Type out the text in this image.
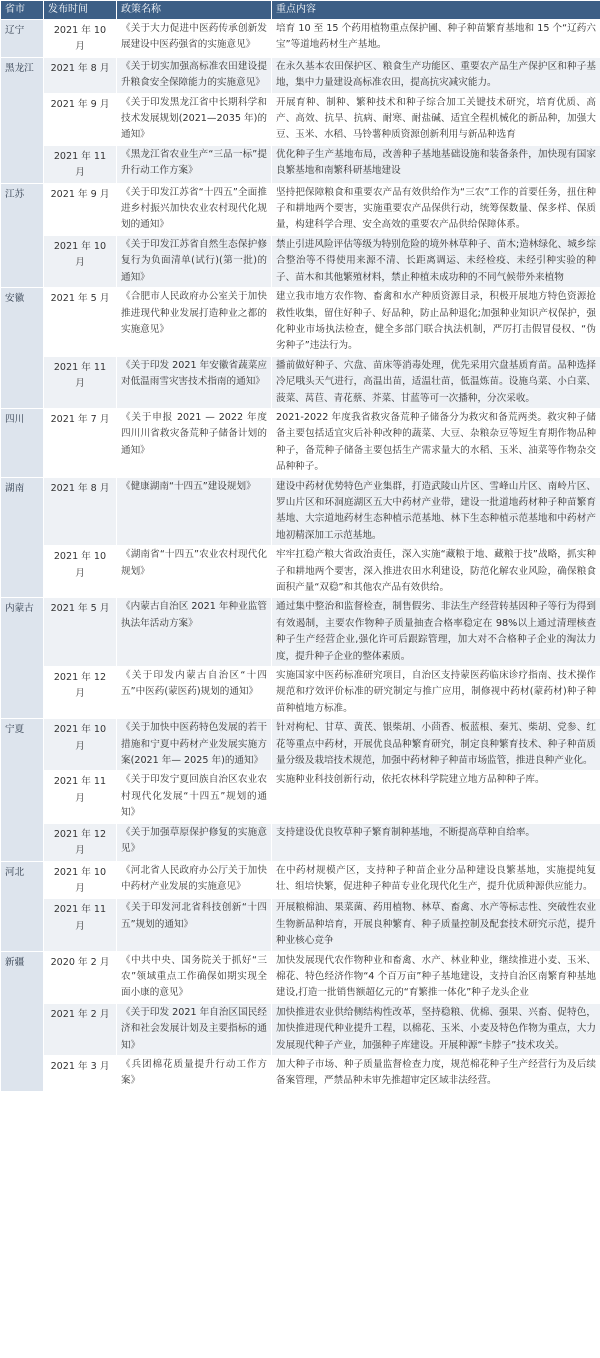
省市	发布时间	政策名称	重点内容
辽宁	2021 年 10 月	《关于大力促进中医药传承创新发展建设中医药强省的实施意见》	培育 10 至 15 个药用植物重点保护圃、种子种苗繁育基地和 15 个“辽药六宝”等道地药材生产基地。
黑龙江	2021 年 8 月	《关于切实加强高标准农田建设提升粮食安全保障能力的实施意见》	在永久基本农田保护区、粮食生产功能区、重要农产品生产保护区和种子基地，集中力量建设高标准农田，提高抗灾减灾能力。
	2021 年 9 月	《关于印发黑龙江省中长期科学和技术发展规划(2021—2035 年)的通知》	开展育种、制种、繁种技术和种子综合加工关键技术研究，培育优质、高产、高效、抗旱、抗病、耐寒、耐盐碱、适宜全程机械化的新品种，加强大豆、玉米、水稻、马铃薯种质资源创新利用与新品种选育
	2021 年 11 月	《黑龙江省农业生产“三品一标”提升行动工作方案》	优化种子生产基地布局，改善种子基地基础设施和装备条件，加快现有国家良繁基地和南繁科研基地建设
江苏	2021 年 9 月	《关于印发江苏省“十四五”全面推进乡村振兴加快农业农村现代化规划的通知》	坚持把保障粮食和重要农产品有效供给作为“三农”工作的首要任务，扭住种子和耕地两个要害，实施重要农产品保供行动，统筹保数量、保多样、保质量，构建科学合理、安全高效的重要农产品供给保障体系。
	2021 年 10 月	《关于印发江苏省自然生态保护修复行为负面清单(试行)(第一批)的通知》	禁止引进风险评估等级为特别危险的境外林草种子、苗木;造林绿化、城乡综合整治等不得使用来源不清、长距离调运、未经检疫、未经引种实验的种子、苗木和其他繁殖材料，禁止种植未成功种的不同气候带外来植物
安徽	2021 年 5 月	《合肥市人民政府办公室关于加快推进现代种业发展打造种业之都的实施意见》	建立我市地方农作物、畜禽和水产种质资源目录，积极开展地方特色资源抢救性收集，留住好种子、好品种，防止品种退化;加强种业知识产权保护，强化种业市场执法检查，健全多部门联合执法机制，严厉打击假冒侵权、“伪劣种子”违法行为。
	2021 年 11 月	《关于印发 2021 年安徽省蔬菜应对低温雨雪灾害技术指南的通知》	播前做好种子、穴盘、苗床等消毒处理，优先采用穴盘基质育苗。品种选择冷尼哦头天气进行，高温出苗，适温壮苗，低温炼苗。设施乌菜、小白菜、菠菜、莴苣、青花蔡、芥菜、甘蓝等可一次播种，分次采收。
四川	2021 年 7 月	《关于申报 2021 — 2022 年度四川川省救灾备荒种子储备计划的通知》	2021-2022 年度我省救灾备荒种子储备分为救灾和备荒两类。救灾种子储备主要包括适宜灾后补种改种的蔬菜、大豆、杂粮杂豆等短生育期作物品种种子，备荒种子储备主要包括生产需求量大的水稻、玉米、油菜等作物杂交品种种子。
湖南	2021 年 8 月	《健康湖南“十四五”建设规划》	建设中药材优势特色产业集群，打造武陵山片区、雪峰山片区、南岭片区、罗山片区和环洞庭湖区五大中药材产业带，建设一批道地药材种子种苗繁育基地、大宗道地药材生态种植示范基地、林下生态种植示范基地和中药材产地初精深加工示范基地。
	2021 年 10 月	《湖南省“十四五”农业农村现代化规划》	牢牢扛稳产粮大省政治责任，深入实施“藏粮于地、藏粮于技”战略，抓实种子和耕地两个要害，深入推进农田水利建设，防范化解农业风险，确保粮食面积产量“双稳”和其他农产品有效供给。
内蒙古	2021 年 5 月	《内蒙古自治区 2021 年种业监管执法年活动方案》	通过集中整治和监督检查，制售假劣、非法生产经营转基因种子等行为得到有效遏制，主要农作物种子质量抽查合格率稳定在 98%以上通过清理核查种子生产经营企业,强化许可后跟踪管理，加大对不合格种子企业的淘汰力度，提升种子企业的整体素质。
	2021 年 12 月	《关于印发内蒙古自治区“十四五”中医药(蒙医药)规划的通知》	实施国家中医药标准研究项目，自治区支持蒙医药临床诊疗指南、技术操作规范和疗效评价标准的研究制定与推广应用，制修视中药材(蒙药材)种子种苗种植地方标准。
宁夏	2021 年 10 月	《关于加快中医药特色发展的若干措施和宁夏中药材产业发展实施方案(2021 年— 2025 年)的通知》	针对枸杞、甘草、黄芪、银柴胡、小茴香、板蓝根、秦艽、柴胡、党参、红花等重点中药材，开展优良品种繁育研究，制定良种繁育技术、种子种苗质量分级及栽培技术规范，加强中药材种子种苗市场监管，推进良种产业化。
	2021 年 11 月	《关于印发宁夏回族自治区农业农村现代化发展“十四五”规划的通知》	实施种业科技创新行动，依托农林科学院建立地方品种种子库。
	2021 年 12 月	《关于加强草原保护修复的实施意见》	支持建设优良牧草种子繁育制种基地，不断提高草种自给率。
河北	2021 年 10 月	《河北省人民政府办公厅关于加快中药材产业发展的实施意见》	在中药材规模产区，支持种子种苗企业分品种建设良繁基地，实施提纯复壮、组培快繁，促进种子种苗专业化现代化生产，提升优质种源供应能力。
	2021 年 11 月	《关于印发河北省科技创新“十四五”规划的通知》	开展粮棉油、果菜菌、药用植物、林草、畜禽、水产等标志性、突破性农业生物新品种培育，开展良种繁育、种子质量控制及配套技术研究示范，提升种业核心竞争
新疆	2020 年 2 月	《中共中央、国务院关于抓好“三农”领域重点工作确保如期实现全面小康的意见》	加快发展现代农作物种业和畜禽、水产、林业种业，继续推进小麦、玉米、棉花、特色经济作物“4 个百万亩”种子基地建设，支持自治区南繁育种基地建设,打造一批销售额超亿元的“育繁推一体化”种子龙头企业
	2021 年 2 月	《关于印发 2021 年自治区国民经济和社会发展计划及主要指标的通知》	加快推进农业供给侧结构性改革，坚持稳粮、优棉、强果、兴畜、促特色，加快推进现代种业提升工程，以棉花、玉米、小麦及特色作物为重点，大力发展现代种子产业，加强种子库建设。开展种源“卡脖子”技术攻关。
	2021 年 3 月	《兵团棉花质量提升行动工作方案》	加大种子市场、种子质量监督检查力度，规范棉花种子生产经营行为及后续备案管理，严禁品种未审先推超审定区域非法经营。
